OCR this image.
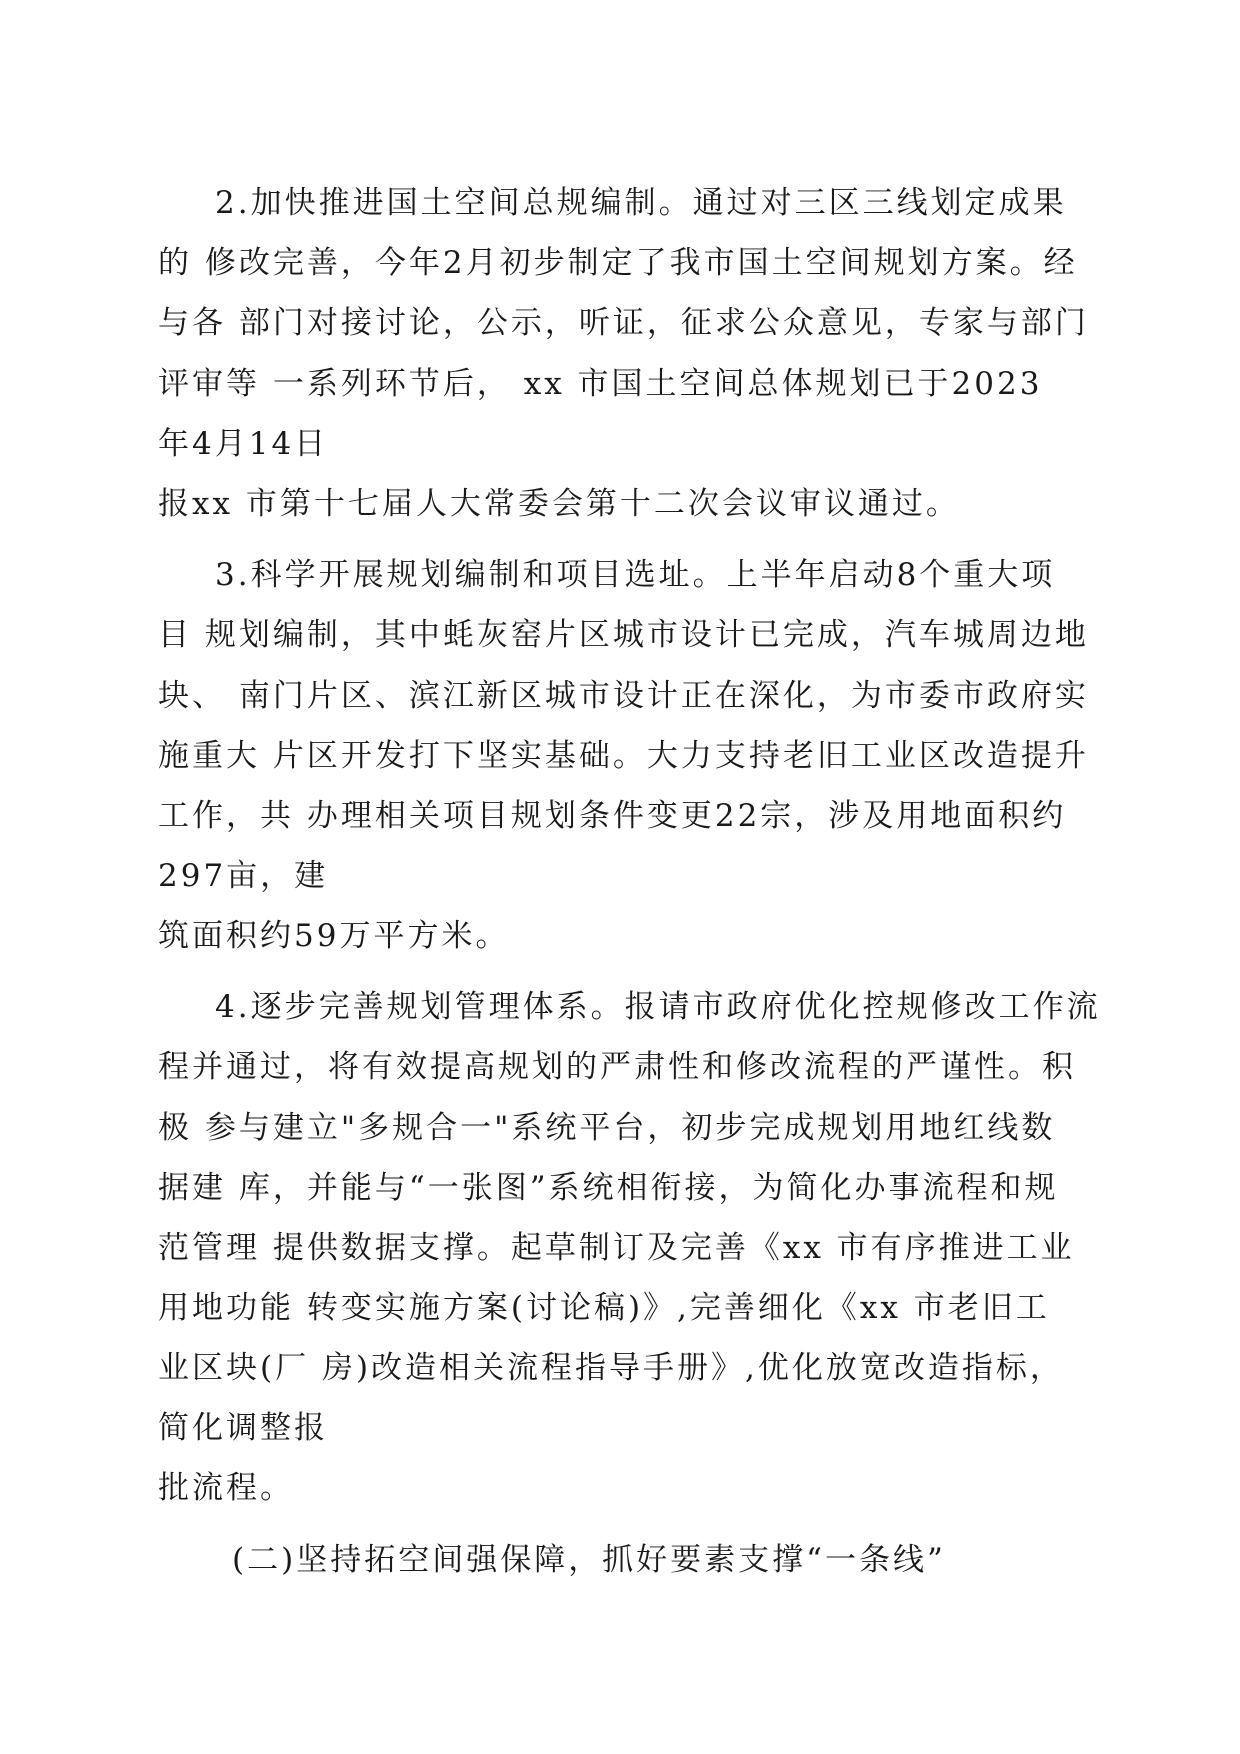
2.加快推进国土空间总规编制。通过对三区三线划定成果
的 修改完善，今年2月初步制定了我市国土空间规划方案。经
与各 部门对接讨论，公示，听证，征求公众意见，专家与部门
评审等 一系列环节后， xx 市国土空间总体规划已于2023
年4月14日
报xx 市第十七届人大常委会第十二次会议审议通过。
3.科学开展规划编制和项目选址。上半年启动8个重大项
目 规划编制，其中蚝灰窑片区城市设计已完成，汽车城周边地
块、 南门片区、滨江新区城市设计正在深化，为市委市政府实
施重大 片区开发打下坚实基础。大力支持老旧工业区改造提升
工作，共 办理相关项目规划条件变更22宗，涉及用地面积约
297亩，建
筑面积约59万平方米。
4.逐步完善规划管理体系。报请市政府优化控规修改工作流
程并通过，将有效提高规划的严肃性和修改流程的严谨性。积
极 参与建立"多规合一"系统平台，初步完成规划用地红线数
据建 库，并能与“一张图”系统相衔接，为简化办事流程和规
范管理 提供数据支撑。起草制订及完善《xx 市有序推进工业
用地功能 转变实施方案(讨论稿)》,完善细化《xx 市老旧工
业区块(厂 房)改造相关流程指导手册》,优化放宽改造指标，
简化调整报
批流程。
(二)坚持拓空间强保障，抓好要素支撑“一条线”
